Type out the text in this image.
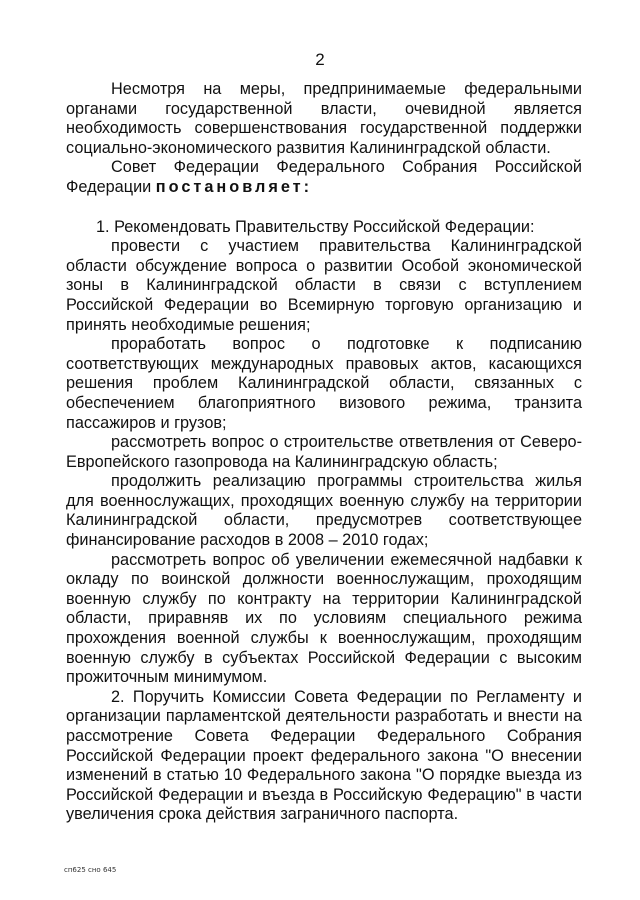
2

Несмотря на меры, предпринимаемые федеральными органами государственной власти, очевидной является необходимость совершенствования государственной поддержки социально-экономического развития Калининградской области.

Совет Федерации Федерального Собрания Российской Федерации постановляет:

1. Рекомендовать Правительству Российской Федерации:

провести с участием правительства Калининградской области обсуждение вопроса о развитии Особой экономической зоны в Калининградской области в связи с вступлением Российской Федерации во Всемирную торговую организацию и принять необходимые решения;

проработать вопрос о подготовке к подписанию соответствующих международных правовых актов, касающихся решения проблем Калининградской области, связанных с обеспечением благоприятного визового режима, транзита пассажиров и грузов;

рассмотреть вопрос о строительстве ответвления от Северо-Европейского газопровода на Калининградскую область;

продолжить реализацию программы строительства жилья для военнослужащих, проходящих военную службу на территории Калининградской области, предусмотрев соответствующее финансирование расходов в 2008 – 2010 годах;

рассмотреть вопрос об увеличении ежемесячной надбавки к окладу по воинской должности военнослужащим, проходящим военную службу по контракту на территории Калининградской области, приравняв их по условиям специального режима прохождения военной службы к военнослужащим, проходящим военную службу в субъектах Российской Федерации с высоким прожиточным минимумом.

2. Поручить Комиссии Совета Федерации по Регламенту и организации парламентской деятельности разработать и внести на рассмотрение Совета Федерации Федерального Собрания Российской Федерации проект федерального закона "О внесении изменений в статью 10 Федерального закона "О порядке выезда из Российской Федерации и въезда в Российскую Федерацию" в части увеличения срока действия заграничного паспорта.

сп625 сно 645
